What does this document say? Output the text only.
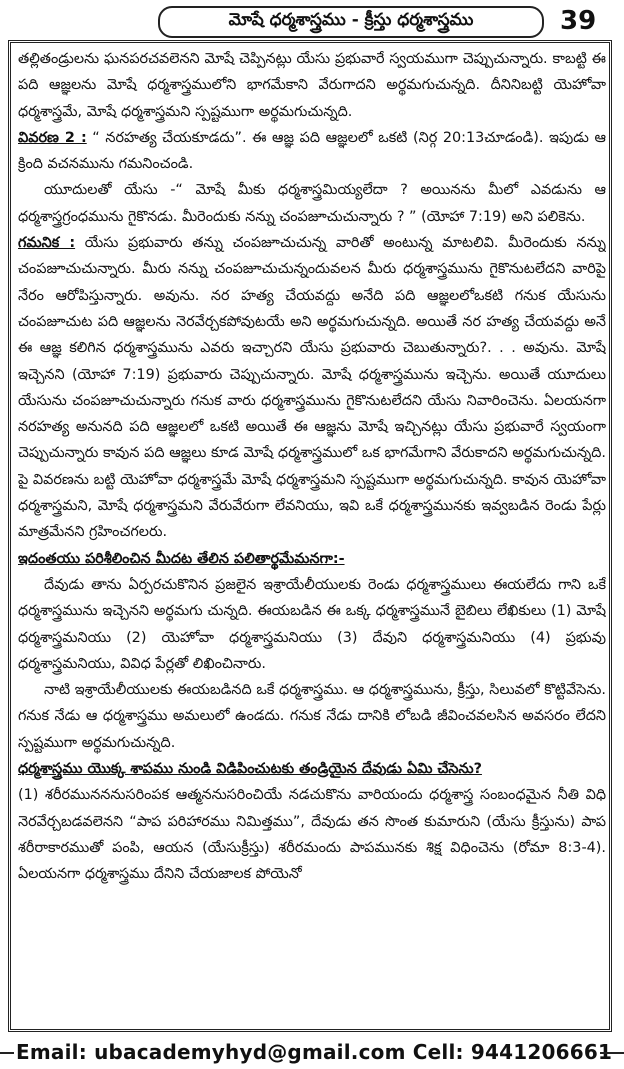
మోషే ధర్మశాస్త్రము - క్రీస్తు ధర్మశాస్త్రము	39

తల్లితండ్రులను ఘనపరచవలెనని మోషే చెప్పినట్లు యేసు ప్రభువారే స్వయముగా చెప్పుచున్నారు. కాబట్టి ఈ పది ఆజ్ఞలను మోషే ధర్మశాస్త్రములోని భాగమేకాని వేరుగాదని అర్థమగుచున్నది. దీనినిబట్టి యెహోవా ధర్మశాస్త్రమే, మోషే ధర్మశాస్త్రమని స్పష్టముగా అర్థమగుచున్నది.

వివరణ 2 : “ నరహత్య చేయకూడదు”. ఈ ఆజ్ఞ పది ఆజ్ఞలలో ఒకటి (నిర్గ 20:13చూడండి). ఇపుడు ఆ క్రింది వచనమును గమనించండి.

యూదులతో యేసు -“ మోషే మీకు ధర్మశాస్త్రమియ్యలేదా ? అయినను మీలో ఎవడును ఆ ధర్మశాస్త్రగ్రంధమును గైకొనడు. మీరెందుకు నన్ను చంపజూచుచున్నారు ? ” (యోహా 7:19) అని పలికెను.

గమనిక : యేసు ప్రభువారు తన్ను చంపజూచుచున్న వారితో అంటున్న మాటలివి. మీరెందుకు నన్ను చంపజూచుచున్నారు. మీరు నన్ను చంపజూచుచున్నందువలన మీరు ధర్మశాస్త్రమును గైకొనుటలేదని వారిపై నేరం ఆరోపిస్తున్నారు. అవును. నర హత్య చేయవద్దు అనేది పది ఆజ్ఞలలోఒకటి గనుక యేసును చంపజూచుట పది ఆజ్ఞలను నెరవేర్చకపోవుటయే అని అర్థమగుచున్నది. అయితే నర హత్య చేయవద్దు అనే ఈ ఆజ్ఞ కలిగిన ధర్మశాస్త్రమును ఎవరు ఇచ్చారని యేసు ప్రభువారు చెబుతున్నారు?. . . అవును. మోషే ఇచ్చెనని (యోహా 7:19) ప్రభువారు చెప్పుచున్నారు. మోషే ధర్మశాస్త్రమును ఇచ్చెను. అయితే యూదులు యేసును చంపజూచుచున్నారు గనుక వారు ధర్మశాస్త్రమును గైకొనుటలేదని యేసు నివారించెను. ఏలయనగా నరహత్య అనునది పది ఆజ్ఞలలో ఒకటి అయితే ఈ ఆజ్ఞను మోషే ఇచ్చినట్లు యేసు ప్రభువారే స్వయంగా చెప్పుచున్నారు కావున పది ఆజ్ఞలు కూడ మోషే ధర్మశాస్త్రములో ఒక భాగమేగాని వేరుకాదని అర్థమగుచున్నది. పై వివరణను బట్టి యెహోవా ధర్మశాస్త్రమే మోషే ధర్మశాస్త్రమని స్పష్టముగా అర్థమగుచున్నది. కావున యెహోవా ధర్మశాస్త్రమని, మోషే ధర్మశాస్త్రమని వేరువేరుగా లేవనియు, ఇవి ఒకే ధర్మశాస్త్రమునకు ఇవ్వబడిన రెండు పేర్లు మాత్రమేనని గ్రహించగలరు.

ఇదంతయు పరిశీలించిన మీదట తేలిన పలితార్థమేమనగా:-

దేవుడు తాను ఏర్పరచుకొనిన ప్రజలైన ఇశ్రాయేలీయులకు రెండు ధర్మశాస్త్రములు ఈయలేదు గాని ఒకే ధర్మశాస్త్రమును ఇచ్చెనని అర్థమగు చున్నది. ఈయబడిన ఈ ఒక్క ధర్మశాస్త్రమునే బైబిలు లేఖికులు (1) మోషే ధర్మశాస్త్రమనియు (2) యెహోవా ధర్మశాస్త్రమనియు (3) దేవుని ధర్మశాస్త్రమనియు (4) ప్రభువు ధర్మశాస్త్రమనియు, వివిధ పేర్లతో లిఖించినారు.

నాటి ఇశ్రాయేలీయులకు ఈయబడినది ఒకే ధర్మశాస్త్రము. ఆ ధర్మశాస్త్రమును, క్రీస్తు, సిలువలో కొట్టివేసెను. గనుక నేడు ఆ ధర్మశాస్త్రము అమలులో ఉండదు. గనుక నేడు దానికి లోబడి జీవించవలసిన అవసరం లేదని స్పష్టముగా అర్థమగుచున్నది.

ధర్మశాస్త్రము యొక్క శాపము నుండి విడిపించుటకు తండ్రియైన దేవుడు ఏమి చేసెను?

(1) శరీరమునననుసరింపక ఆత్మననుసరించియే నడచుకొను వారియందు ధర్మశాస్త్ర సంబంధమైన నీతి విధి నెరవేర్చబడవలెనని “పాప పరిహారము నిమిత్తము”, దేవుడు తన సొంత కుమారుని (యేసు క్రీస్తును) పాప శరీరాకారముతో పంపి, ఆయన (యేసుక్రీస్తు) శరీరమందు పాపమునకు శిక్ష విధించెను (రోమా 8:3-4). ఏలయనగా ధర్మశాస్త్రము దేనిని చేయజాలక పోయెనో

Email: ubacademyhyd@gmail.com Cell: 9441206661
